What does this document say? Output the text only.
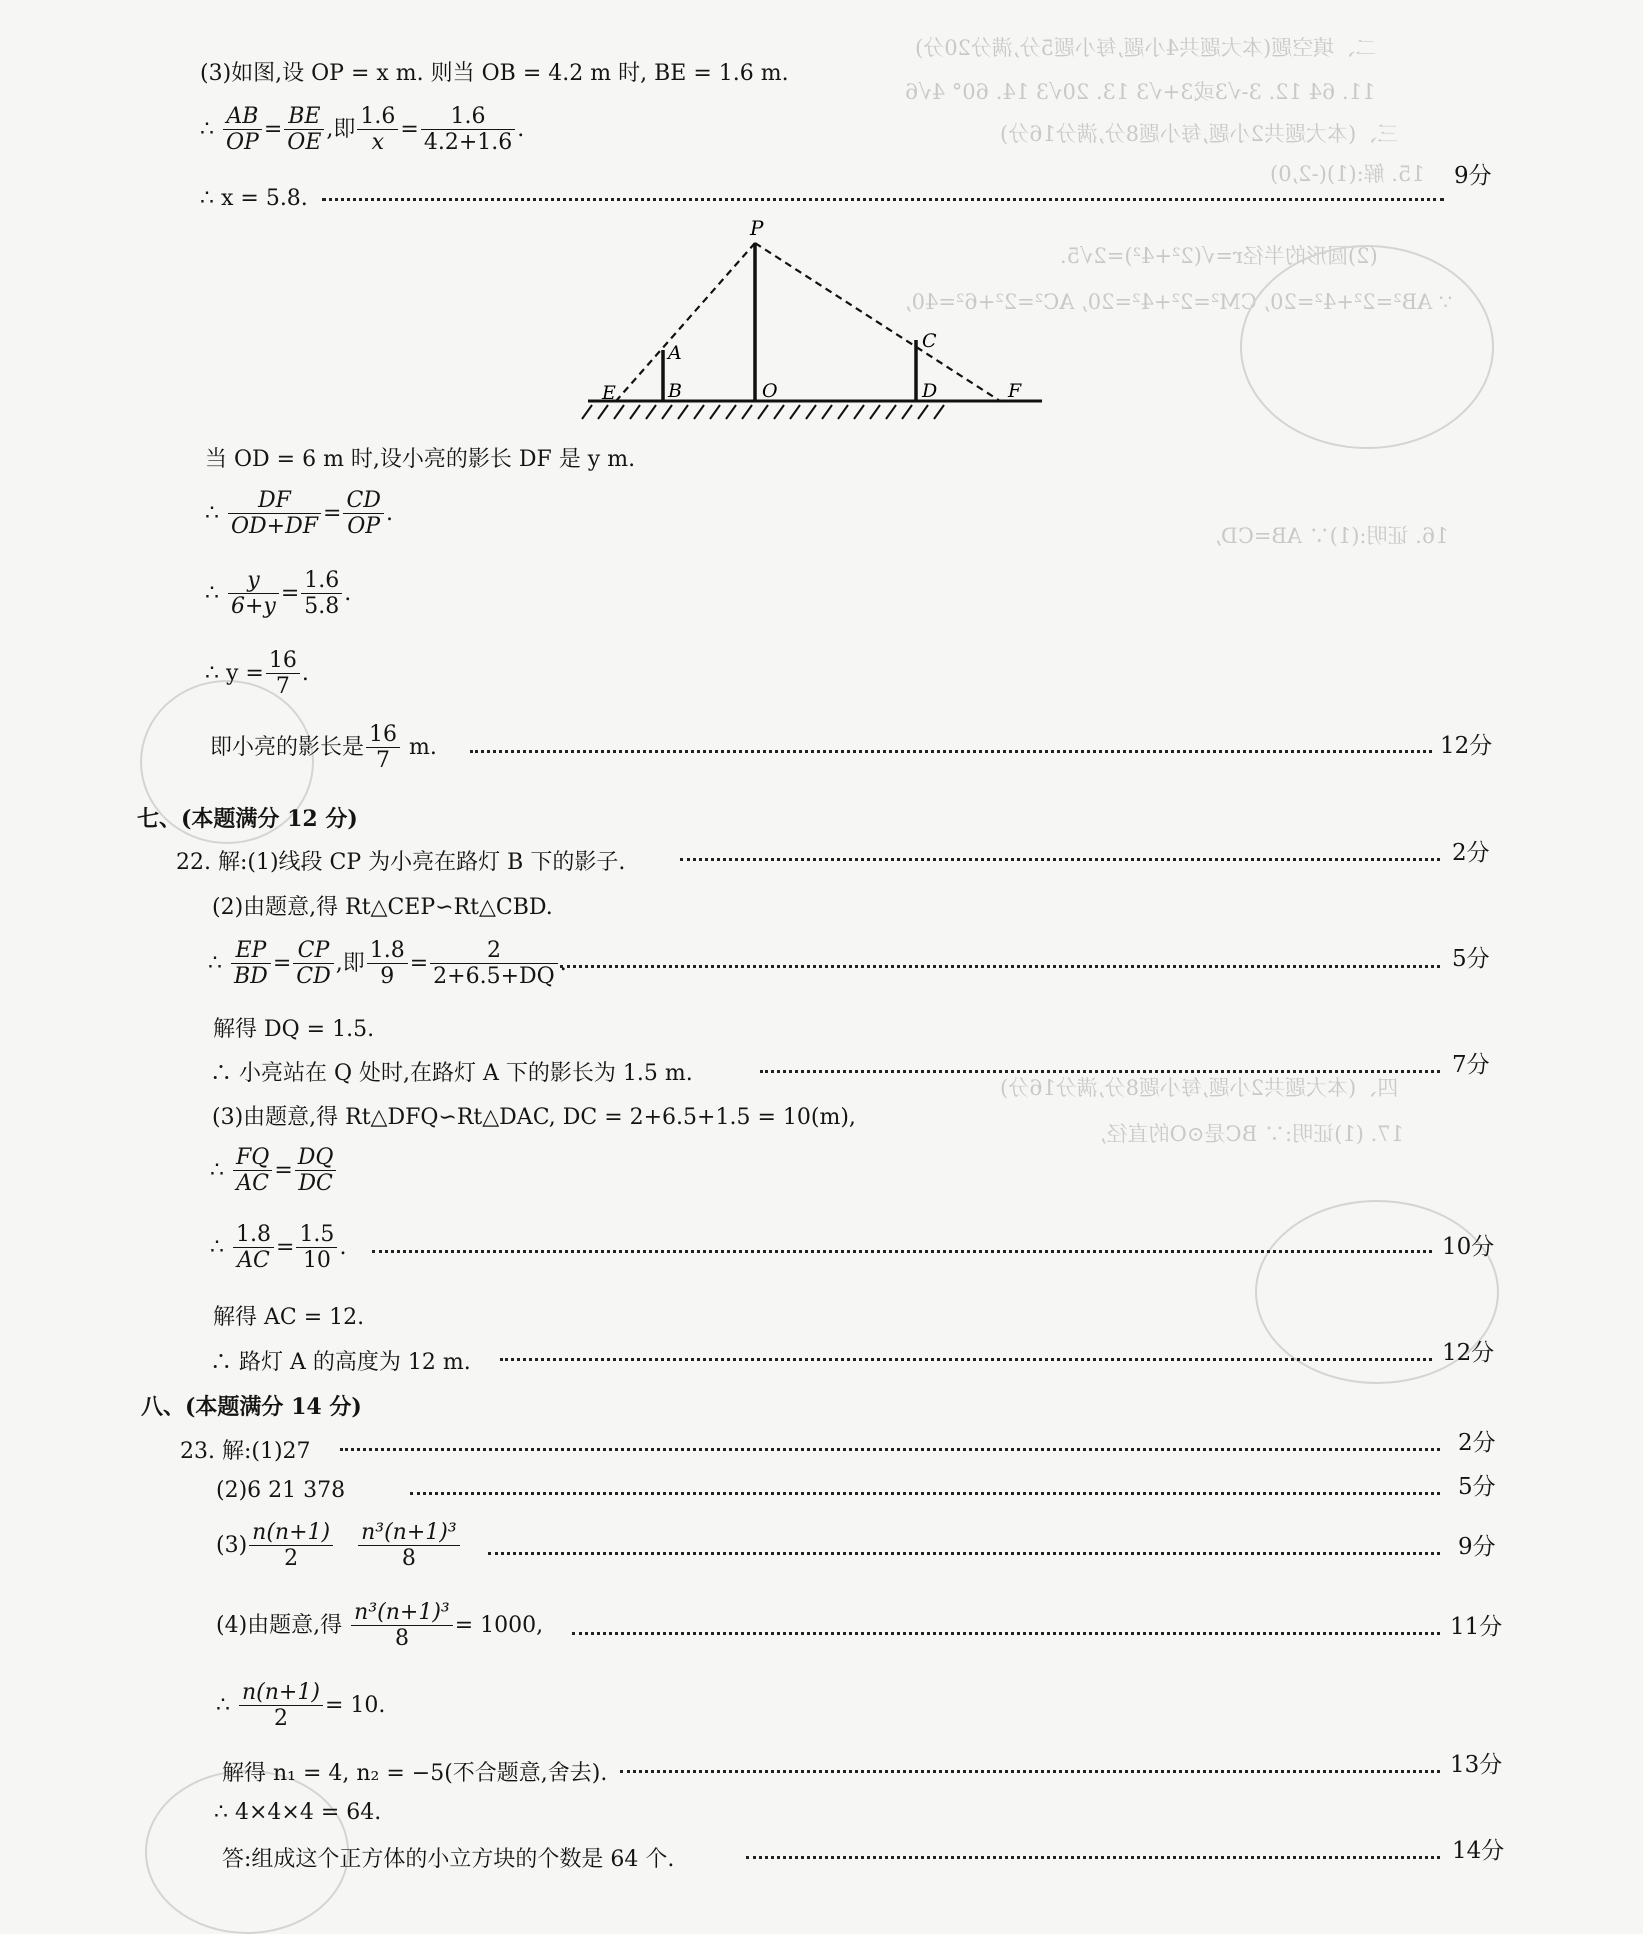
二、填空题(本大题共4小题,每小题5分,满分20分)
11. 64 12. 3-√3或3+√3 13. 20√3 14. 60° 4√6
三、(本大题共2小题,每小题8分,满分16分)
15. 解:(1)(-2,0)
(2)圆形的半径r=√(2²+4²)=2√5.
∵ AB²=2²+4²=20, CM²=2²+4²=20, AC²=2²+6²=40,
16. 证明:(1)∵ AB=CD,
四、(本大题共2小题,每小题8分,满分16分)
17. (1)证明:∵ BC是⊙O的直径,
(3)如图,设 OP = x m. 则当 OB = 4.2 m 时, BE = 1.6 m.
∴ $\frac{AB}{OP} = \frac{BE}{OE}$ ,即 $\frac{1.6}{x} = \frac{1.6}{4.2+1.6}$ .
∴ x = 5.8.
9分
P
A
B	O
C
D
E	F
当 OD = 6 m 时,设小亮的影长 DF 是 y m.
∴ $\frac{DF}{OD+DF} = \frac{CD}{OP}$ .
∴ $\frac{y}{6+y} = \frac{1.6}{5.8}$ .
∴ $y = \frac{16}{7}$ .
即小亮的影长是 $\frac{16}{7} m$.	12分
七、(本题满分 12 分)
22. 解:(1)线段 CP 为小亮在路灯 B 下的影子.	2分
(2)由题意,得 Rt△CEP∽Rt△CBD.
∴ $\frac{EP}{BD} = \frac{CP}{CD}$ ,即 $\frac{1.8}{9} = \frac{2}{2+6.5+DQ}$ .	5分
解得 DQ = 1.5.
∴ 小亮站在 Q 处时,在路灯 A 下的影长为 1.5 m.	7分
(3)由题意,得 Rt△DFQ∽Rt△DAC, DC = 2+6.5+1.5 = 10(m),
∴ $\frac{FQ}{AC} = \frac{DQ}{DC}$
∴ $\frac{1.8}{AC} = \frac{1.5}{10}$ .	10分
解得 AC = 12.
∴ 路灯 A 的高度为 12 m.	12分
八、(本题满分 14 分)
23. 解:(1)27	2分
(2)6 21 378	5分
$(3) \frac{n(n+1)}{2}$
$\frac{\text{n³(n+1)³}}{8}$	9分
(4)由题意,得 $\frac{\text{n³(n+1)³}}{8} = 1000$,	11分
∴ $\frac{n(n+1)}{2} = 10$.
解得 n₁ = 4, n₂ = −5(不合题意,舍去).	13分
∴ 4×4×4 = 64.
答:组成这个正方体的小立方块的个数是 64 个.	14分
